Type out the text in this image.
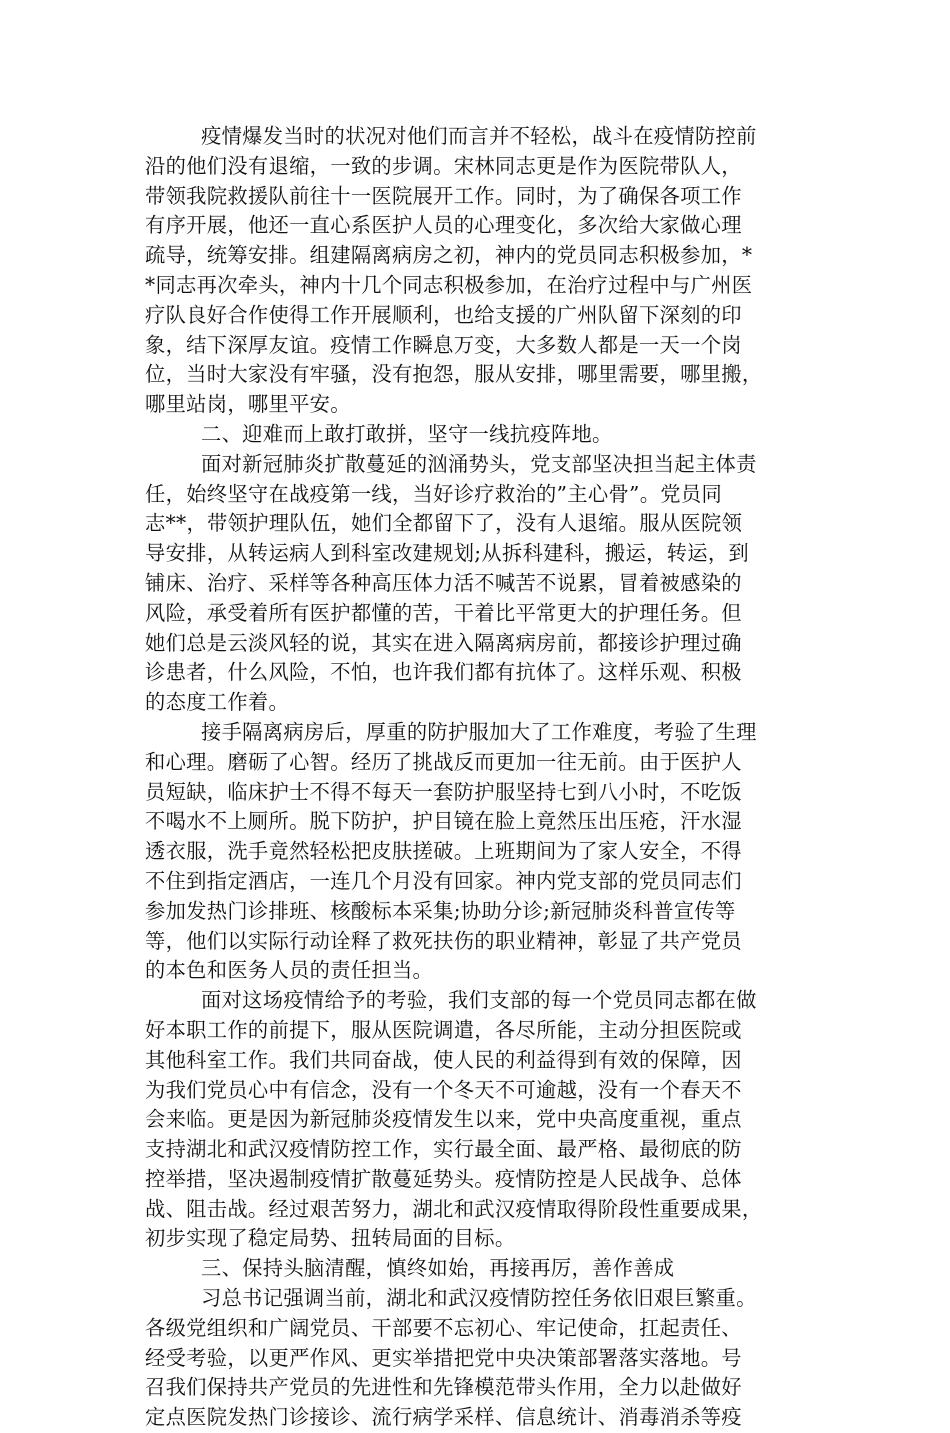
疫情爆发当时的状况对他们而言并不轻松，战斗在疫情防控前
沿的他们没有退缩，一致的步调。宋林同志更是作为医院带队人，
带领我院救援队前往十一医院展开工作。同时，为了确保各项工作
有序开展，他还一直心系医护人员的心理变化，多次给大家做心理
疏导，统筹安排。组建隔离病房之初，神内的党员同志积极参加，*
*同志再次牵头，神内十几个同志积极参加，在治疗过程中与广州医
疗队良好合作使得工作开展顺利，也给支援的广州队留下深刻的印
象，结下深厚友谊。疫情工作瞬息万变，大多数人都是一天一个岗
位，当时大家没有牢骚，没有抱怨，服从安排，哪里需要，哪里搬，
哪里站岗，哪里平安。
二、迎难而上敢打敢拼，坚守一线抗疫阵地。
面对新冠肺炎扩散蔓延的汹涌势头，党支部坚决担当起主体责
任，始终坚守在战疫第一线，当好诊疗救治的”主心骨”。党员同
志**，带领护理队伍，她们全都留下了，没有人退缩。服从医院领
导安排，从转运病人到科室改建规划;从拆科建科，搬运，转运，到
铺床、治疗、采样等各种高压体力活不喊苦不说累，冒着被感染的
风险，承受着所有医护都懂的苦，干着比平常更大的护理任务。但
她们总是云淡风轻的说，其实在进入隔离病房前，都接诊护理过确
诊患者，什么风险，不怕，也许我们都有抗体了。这样乐观、积极
的态度工作着。
接手隔离病房后，厚重的防护服加大了工作难度，考验了生理
和心理。磨砺了心智。经历了挑战反而更加一往无前。由于医护人
员短缺，临床护士不得不每天一套防护服坚持七到八小时，不吃饭
不喝水不上厕所。脱下防护，护目镜在脸上竟然压出压疮，汗水湿
透衣服，洗手竟然轻松把皮肤搓破。上班期间为了家人安全，不得
不住到指定酒店，一连几个月没有回家。神内党支部的党员同志们
参加发热门诊排班、核酸标本采集;协助分诊;新冠肺炎科普宣传等
等，他们以实际行动诠释了救死扶伤的职业精神，彰显了共产党员
的本色和医务人员的责任担当。
面对这场疫情给予的考验，我们支部的每一个党员同志都在做
好本职工作的前提下，服从医院调遣，各尽所能，主动分担医院或
其他科室工作。我们共同奋战，使人民的利益得到有效的保障，因
为我们党员心中有信念，没有一个冬天不可逾越，没有一个春天不
会来临。更是因为新冠肺炎疫情发生以来，党中央高度重视，重点
支持湖北和武汉疫情防控工作，实行最全面、最严格、最彻底的防
控举措，坚决遏制疫情扩散蔓延势头。疫情防控是人民战争、总体
战、阻击战。经过艰苦努力，湖北和武汉疫情取得阶段性重要成果，
初步实现了稳定局势、扭转局面的目标。
三、保持头脑清醒，慎终如始，再接再厉，善作善成
习总书记强调当前，湖北和武汉疫情防控任务依旧艰巨繁重。
各级党组织和广阔党员、干部要不忘初心、牢记使命，扛起责任、
经受考验，以更严作风、更实举措把党中央决策部署落实落地。号
召我们保持共产党员的先进性和先锋模范带头作用，全力以赴做好
定点医院发热门诊接诊、流行病学采样、信息统计、消毒消杀等疫
